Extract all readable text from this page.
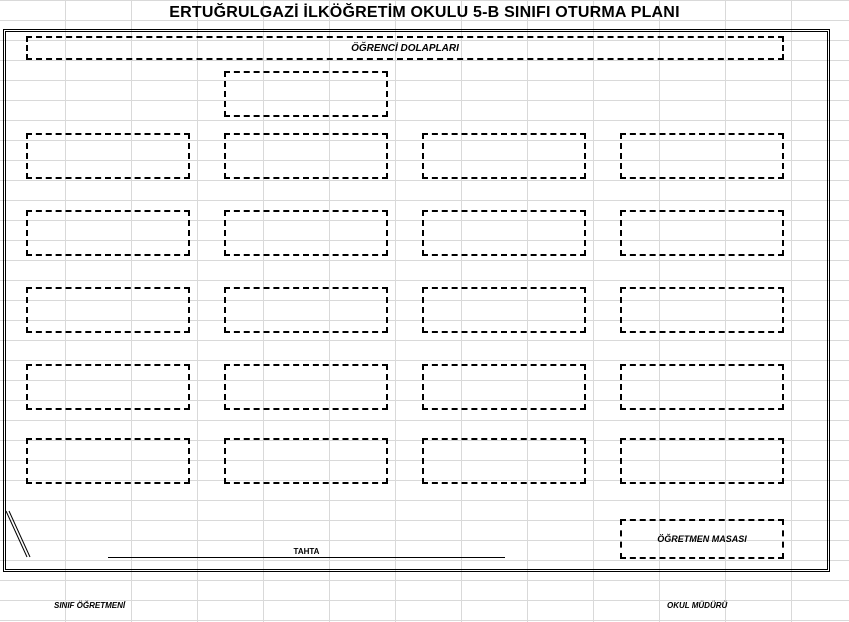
ERTUĞRULGAZİ İLKÖĞRETİM OKULU 5-B SINIFI OTURMA PLANI
ÖĞRENCİ DOLAPLARI
TAHTA
ÖĞRETMEN MASASI
SINIF ÖĞRETMENİ	OKUL MÜDÜRÜ
